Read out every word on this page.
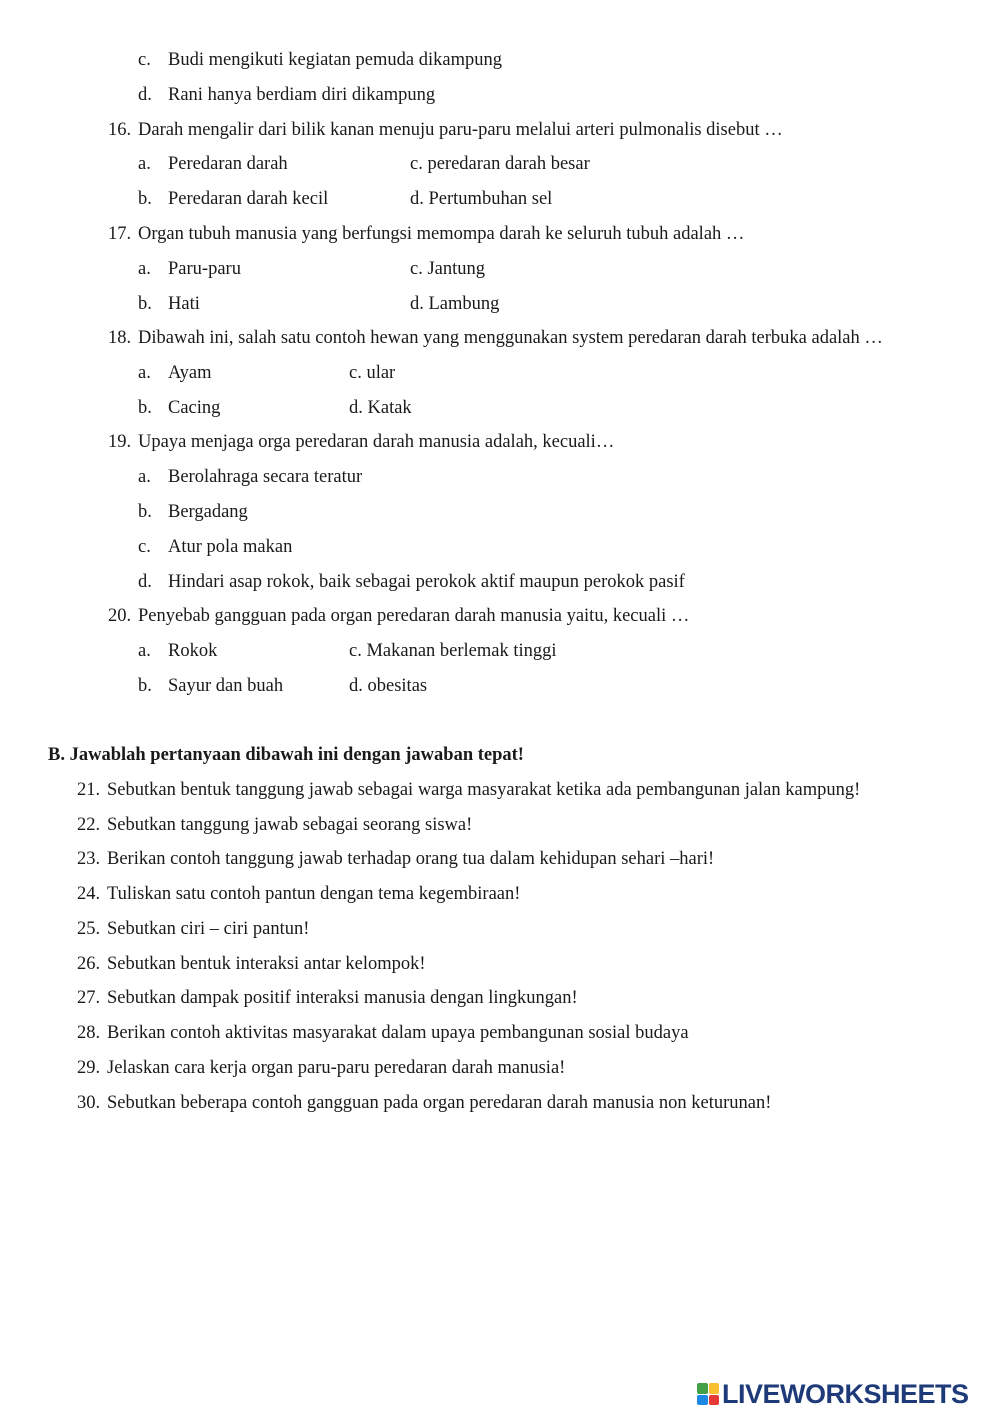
c. Budi mengikuti kegiatan pemuda dikampung
d. Rani hanya berdiam diri dikampung
16. Darah mengalir dari bilik kanan menuju paru-paru melalui arteri pulmonalis disebut …
a. Peredaran darah	c. peredaran darah besar
b. Peredaran darah kecil	d. Pertumbuhan sel
17. Organ tubuh manusia yang berfungsi memompa darah ke seluruh tubuh adalah …
a. Paru-paru	c. Jantung
b. Hati	d. Lambung
18. Dibawah ini, salah satu contoh hewan yang menggunakan system peredaran darah terbuka adalah …
a. Ayam	c. ular
b. Cacing	d. Katak
19. Upaya menjaga orga peredaran darah manusia adalah, kecuali…
a. Berolahraga secara teratur
b. Bergadang
c. Atur pola makan
d. Hindari asap rokok, baik sebagai perokok aktif maupun perokok pasif
20. Penyebab gangguan pada organ peredaran darah manusia yaitu, kecuali …
a. Rokok	c. Makanan berlemak tinggi
b. Sayur dan buah	d. obesitas
B. Jawablah pertanyaan dibawah ini dengan jawaban tepat!
21. Sebutkan bentuk tanggung jawab sebagai warga masyarakat ketika ada pembangunan jalan kampung!
22. Sebutkan tanggung jawab sebagai seorang siswa!
23. Berikan contoh tanggung jawab terhadap orang tua dalam kehidupan sehari –hari!
24. Tuliskan satu contoh pantun dengan tema kegembiraan!
25. Sebutkan ciri – ciri pantun!
26. Sebutkan bentuk interaksi antar kelompok!
27. Sebutkan dampak positif interaksi manusia dengan lingkungan!
28. Berikan contoh aktivitas masyarakat dalam upaya pembangunan sosial budaya
29. Jelaskan cara kerja organ paru-paru peredaran darah manusia!
30. Sebutkan beberapa contoh gangguan pada organ peredaran darah manusia non keturunan!
LIVEWORKSHEETS
